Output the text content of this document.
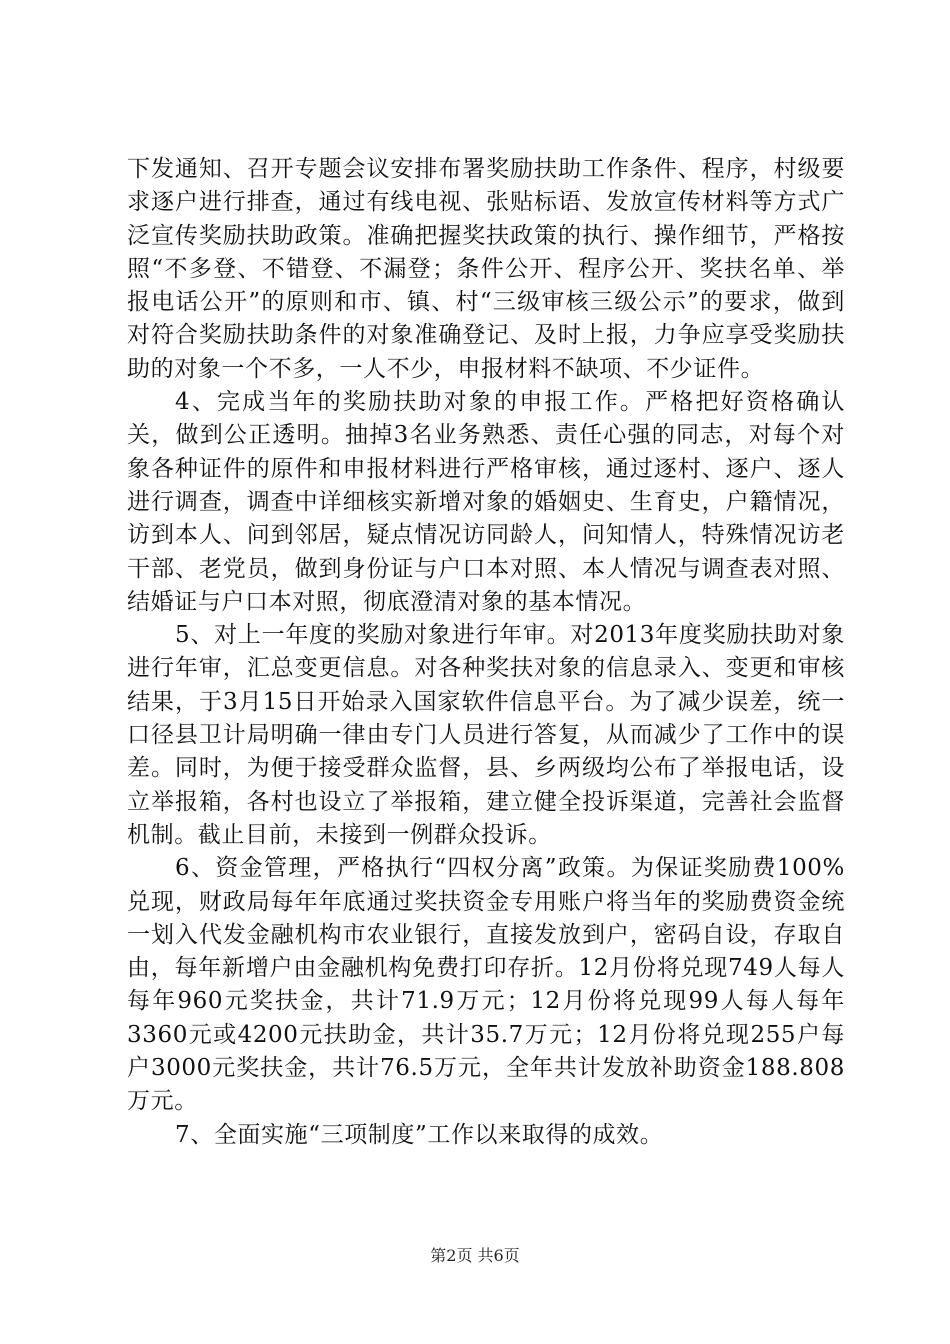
下发通知、召开专题会议安排布署奖励扶助工作条件、程序，村级要求逐户进行排查，通过有线电视、张贴标语、发放宣传材料等方式广泛宣传奖励扶助政策。准确把握奖扶政策的执行、操作细节，严格按照“不多登、不错登、不漏登；条件公开、程序公开、奖扶名单、举报电话公开”的原则和市、镇、村“三级审核三级公示”的要求，做到对符合奖励扶助条件的对象准确登记、及时上报，力争应享受奖励扶助的对象一个不多，一人不少，申报材料不缺项、不少证件。

4、完成当年的奖励扶助对象的申报工作。严格把好资格确认关，做到公正透明。抽掉3名业务熟悉、责任心强的同志，对每个对象各种证件的原件和申报材料进行严格审核，通过逐村、逐户、逐人进行调查，调查中详细核实新增对象的婚姻史、生育史，户籍情况，访到本人、问到邻居，疑点情况访同龄人，问知情人，特殊情况访老干部、老党员，做到身份证与户口本对照、本人情况与调查表对照、结婚证与户口本对照，彻底澄清对象的基本情况。

5、对上一年度的奖励对象进行年审。对2013年度奖励扶助对象进行年审，汇总变更信息。对各种奖扶对象的信息录入、变更和审核结果，于3月15日开始录入国家软件信息平台。为了减少误差，统一口径县卫计局明确一律由专门人员进行答复，从而减少了工作中的误差。同时，为便于接受群众监督，县、乡两级均公布了举报电话，设立举报箱，各村也设立了举报箱，建立健全投诉渠道，完善社会监督机制。截止目前，未接到一例群众投诉。

6、资金管理，严格执行“四权分离”政策。为保证奖励费100%兑现，财政局每年年底通过奖扶资金专用账户将当年的奖励费资金统一划入代发金融机构市农业银行，直接发放到户，密码自设，存取自由，每年新增户由金融机构免费打印存折。12月份将兑现749人每人每年960元奖扶金，共计71.9万元；12月份将兑现99人每人每年3360元或4200元扶助金，共计35.7万元；12月份将兑现255户每户3000元奖扶金，共计76.5万元，全年共计发放补助资金188.808万元。

7、全面实施“三项制度”工作以来取得的成效。

第2页 共6页
